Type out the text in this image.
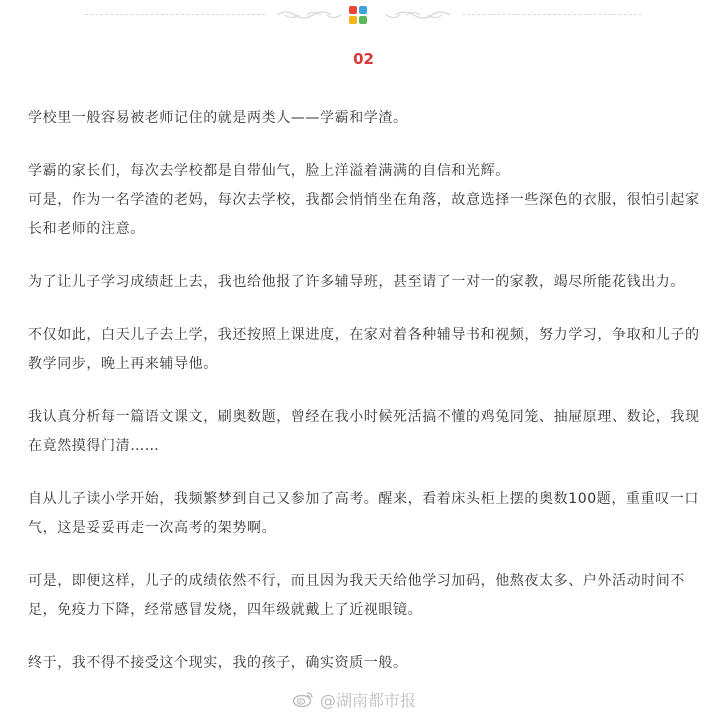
02

学校里一般容易被老师记住的就是两类人——学霸和学渣。

学霸的家长们，每次去学校都是自带仙气，脸上洋溢着满满的自信和光辉。
可是，作为一名学渣的老妈，每次去学校，我都会悄悄坐在角落，故意选择一些深色的衣服，很怕引起家长和老师的注意。

为了让儿子学习成绩赶上去，我也给他报了许多辅导班，甚至请了一对一的家教，竭尽所能花钱出力。

不仅如此，白天儿子去上学，我还按照上课进度，在家对着各种辅导书和视频，努力学习，争取和儿子的教学同步，晚上再来辅导他。

我认真分析每一篇语文课文，刷奥数题，曾经在我小时候死活搞不懂的鸡兔同笼、抽屉原理、数论，我现在竟然摸得门清……

自从儿子读小学开始，我频繁梦到自己又参加了高考。醒来，看着床头柜上摆的奥数100题，重重叹一口气，这是妥妥再走一次高考的架势啊。

可是，即便这样，儿子的成绩依然不行，而且因为我天天给他学习加码，他熬夜太多、户外活动时间不足，免疫力下降，经常感冒发烧，四年级就戴上了近视眼镜。

终于，我不得不接受这个现实，我的孩子，确实资质一般。

@湖南都市报
